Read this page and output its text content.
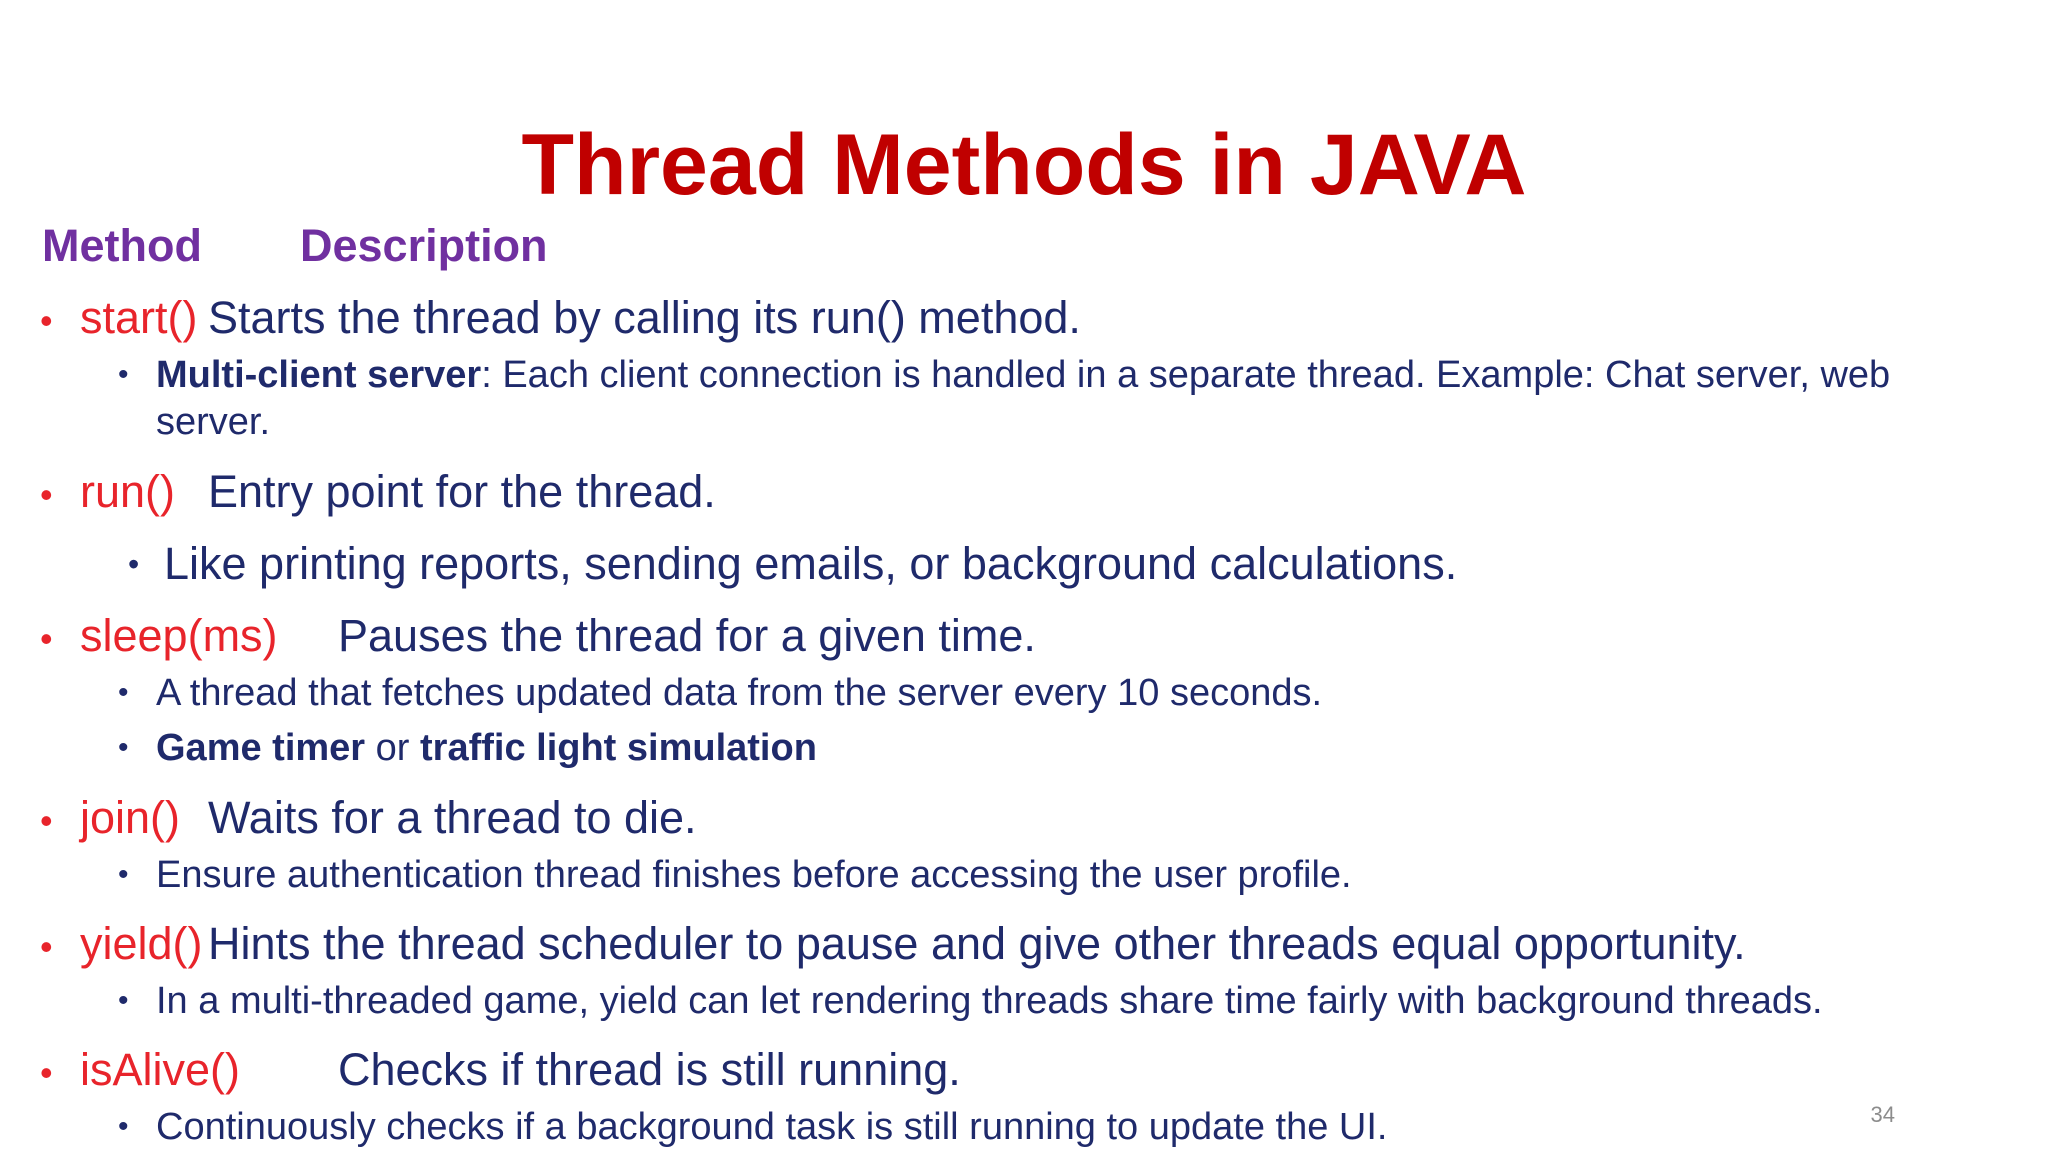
Thread Methods in JAVA
Method Description
• start() Starts the thread by calling its run() method.
• Multi-client server: Each client connection is handled in a separate thread. Example: Chat server, web
server.
• run() Entry point for the thread.
• Like printing reports, sending emails, or background calculations.
• sleep(ms) Pauses the thread for a given time.
• A thread that fetches updated data from the server every 10 seconds.
• Game timer or traffic light simulation
• join() Waits for a thread to die.
• Ensure authentication thread finishes before accessing the user profile.
• yield() Hints the thread scheduler to pause and give other threads equal opportunity.
• In a multi-threaded game, yield can let rendering threads share time fairly with background threads.
• isAlive() Checks if thread is still running.
• Continuously checks if a background task is still running to update the UI.	34
